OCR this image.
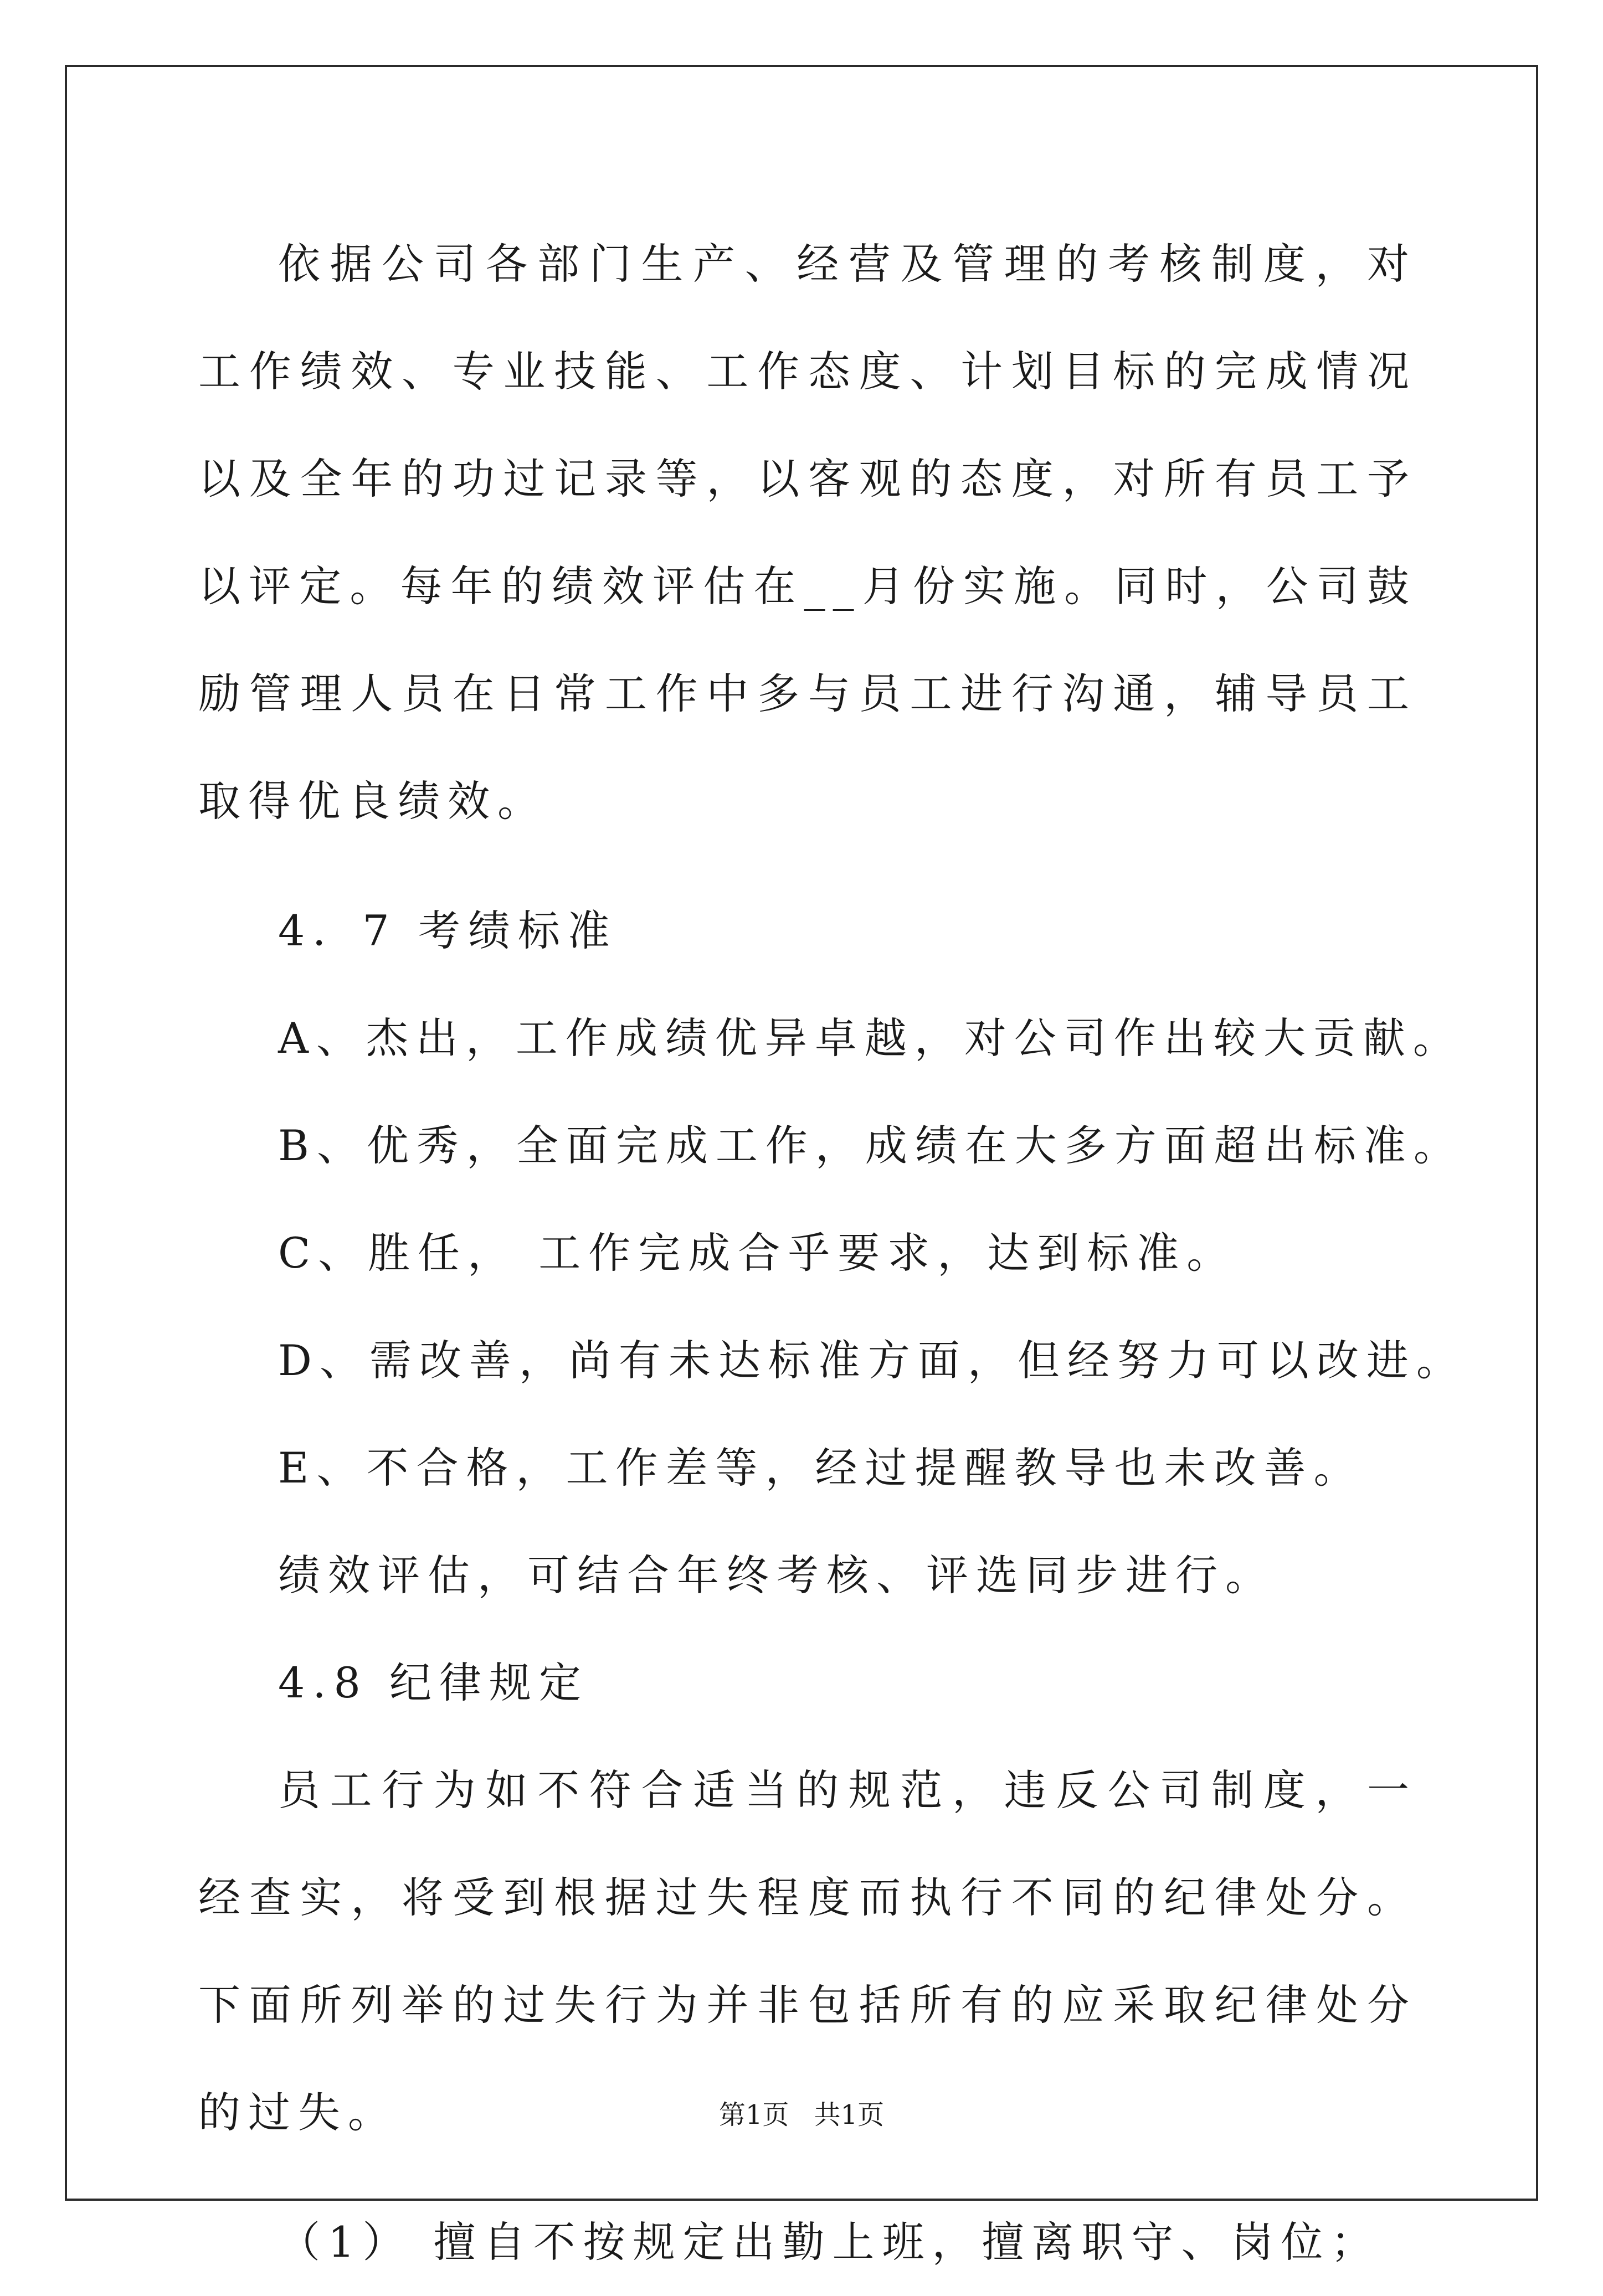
依据公司各部门生产、经营及管理的考核制度，对工作绩效、专业技能、工作态度、计划目标的完成情况以及全年的功过记录等，以客观的态度，对所有员工予以评定。每年的绩效评估在__月份实施。同时，公司鼓励管理人员在日常工作中多与员工进行沟通，辅导员工取得优良绩效。

4．7 考绩标准

A、杰出，工作成绩优异卓越，对公司作出较大贡献。

B、优秀，全面完成工作，成绩在大多方面超出标准。

C、胜任， 工作完成合乎要求，达到标准。

D、需改善，尚有未达标准方面，但经努力可以改进。

E、不合格，工作差等，经过提醒教导也未改善。

绩效评估，可结合年终考核、评选同步进行。

4.8 纪律规定

员工行为如不符合适当的规范，违反公司制度，一经查实，将受到根据过失程度而执行不同的纪律处分。下面所列举的过失行为并非包括所有的应采取纪律处分的过失。

（1） 擅自不按规定出勤上班，擅离职守、岗位；

第1页 共1页
